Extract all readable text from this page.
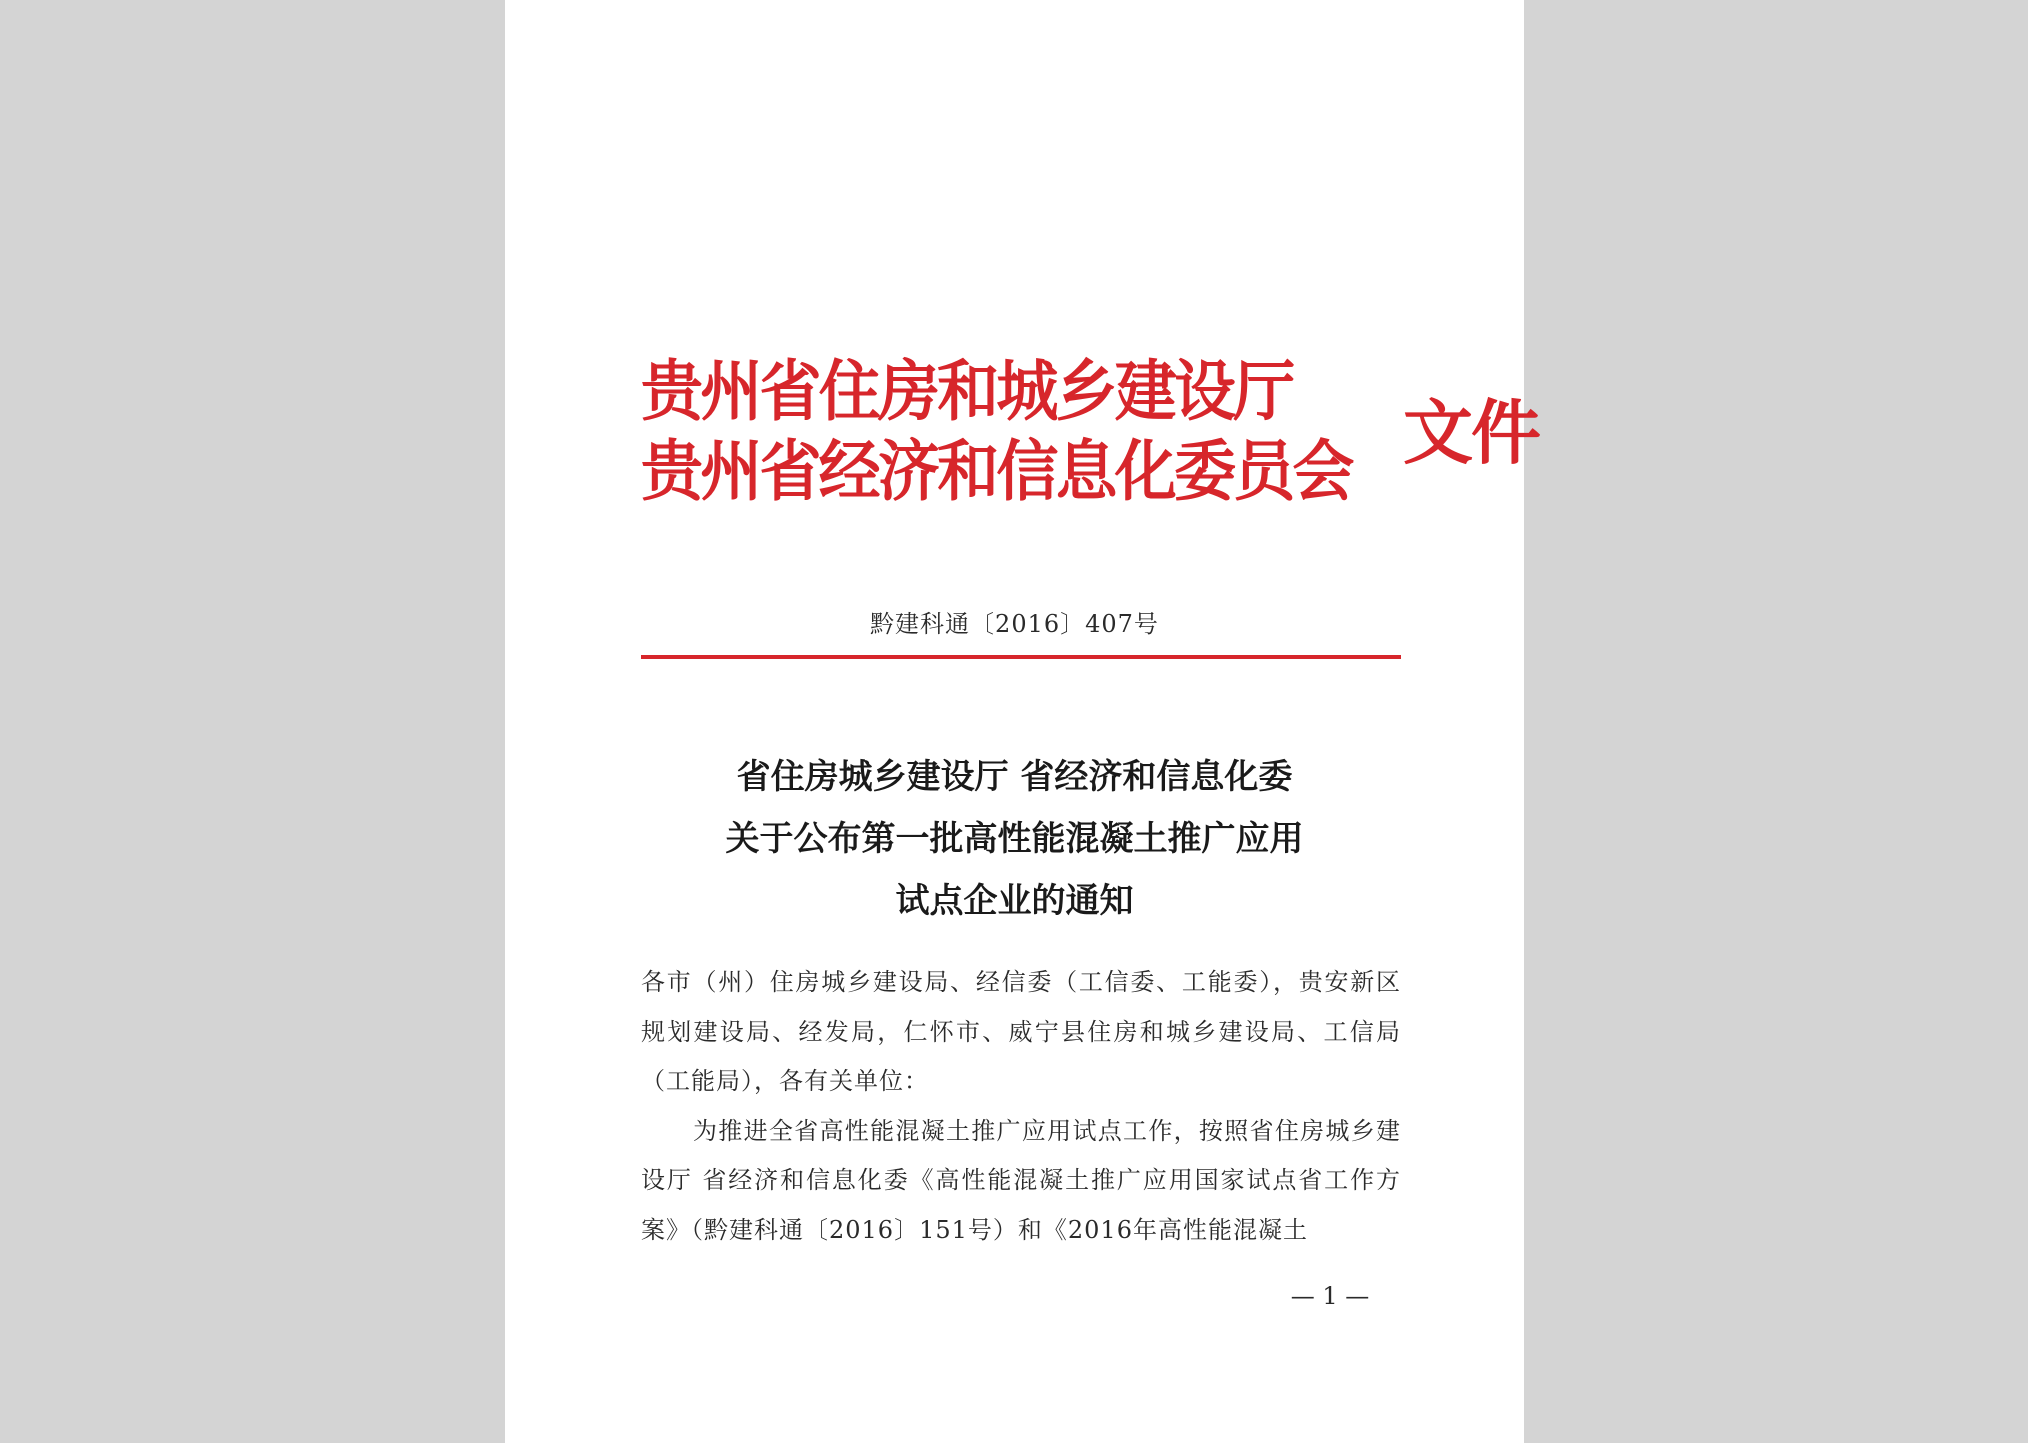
贵州省住房和城乡建设厅
贵州省经济和信息化委员会 文件
黔建科通〔2016〕407号
省住房城乡建设厅 省经济和信息化委
关于公布第一批高性能混凝土推广应用
试点企业的通知

各市（州）住房城乡建设局、经信委（工信委、工能委），贵安新区规划建设局、经发局，仁怀市、威宁县住房和城乡建设局、工信局（工能局），各有关单位：

为推进全省高性能混凝土推广应用试点工作，按照省住房城乡建设厅 省经济和信息化委《高性能混凝土推广应用国家试点省工作方案》（黔建科通〔2016〕151号）和《2016年高性能混凝土

— 1 —
